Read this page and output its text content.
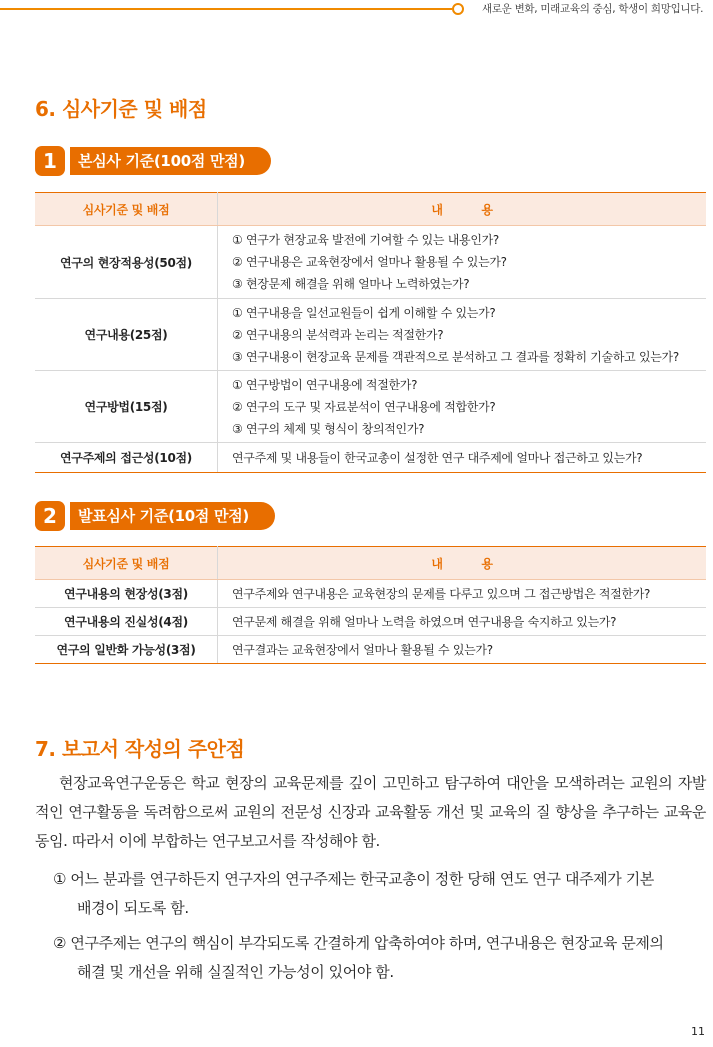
새로운 변화, 미래교육의 중심, 학생이 희망입니다.
6. 심사기준 및 배점
1	본심사 기준(100점 만점)
심사기준 및 배점	내          용
연구의 현장적용성(50점)	① 연구가 현장교육 발전에 기여할 수 있는 내용인가?
② 연구내용은 교육현장에서 얼마나 활용될 수 있는가?
③ 현장문제 해결을 위해 얼마나 노력하였는가?

연구내용(25점)	① 연구내용을 일선교원들이 쉽게 이해할 수 있는가?
② 연구내용의 분석력과 논리는 적절한가?
③ 연구내용이 현장교육 문제를 객관적으로 분석하고 그 결과를 정확히 기술하고 있는가?

연구방법(15점)	① 연구방법이 연구내용에 적절한가?
② 연구의 도구 및 자료분석이 연구내용에 적합한가?
③ 연구의 체제 및 형식이 창의적인가?

연구주제의 접근성(10점)	연구주제 및 내용들이 한국교총이 설정한 연구 대주제에 얼마나 접근하고 있는가?
2	발표심사 기준(10점 만점)
심사기준 및 배점	내          용
연구내용의 현장성(3점)	연구주제와 연구내용은 교육현장의 문제를 다루고 있으며 그 접근방법은 적절한가?
연구내용의 진실성(4점)	연구문제 해결을 위해 얼마나 노력을 하였으며 연구내용을 숙지하고 있는가?
연구의 일반화 가능성(3점)	연구결과는 교육현장에서 얼마나 활용될 수 있는가?
7. 보고서 작성의 주안점

현장교육연구운동은 학교 현장의 교육문제를 깊이 고민하고 탐구하여 대안을 모색하려는 교원의 자발적인 연구활동을 독려함으로써 교원의 전문성 신장과 교육활동 개선 및 교육의 질 향상을 추구하는 교육운동임. 따라서 이에 부합하는 연구보고서를 작성해야 함.

① 어느 분과를 연구하든지 연구자의 연구주제는 한국교총이 정한 당해 연도 연구 대주제가 기본
배경이 되도록 함.
② 연구주제는 연구의 핵심이 부각되도록 간결하게 압축하여야 하며, 연구내용은 현장교육 문제의
해결 및 개선을 위해 실질적인 가능성이 있어야 함.
11
